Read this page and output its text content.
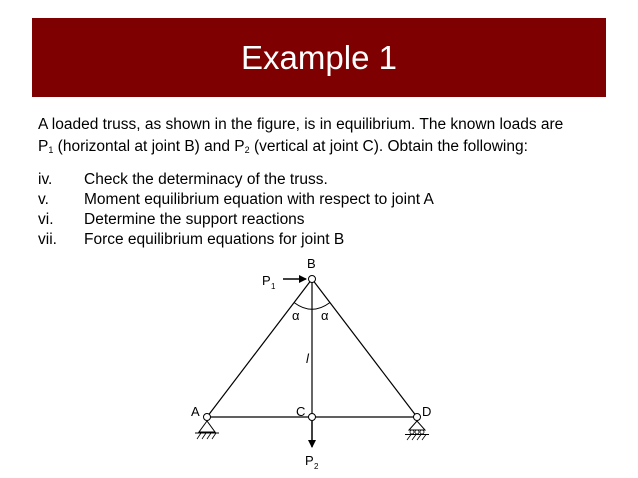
Example 1
A loaded truss, as shown in the figure, is in equilibrium. The known loads are
$P_1$ (horizontal at joint B) and $P_2$ (vertical at joint C). Obtain the following:
iv.	Check the determinacy of the truss.
v.	Moment equilibrium equation with respect to joint A
vi.	Determine the support reactions
vii.	Force equilibrium equations for joint B
B
A	C	D
P 1
P 2
α α
l
